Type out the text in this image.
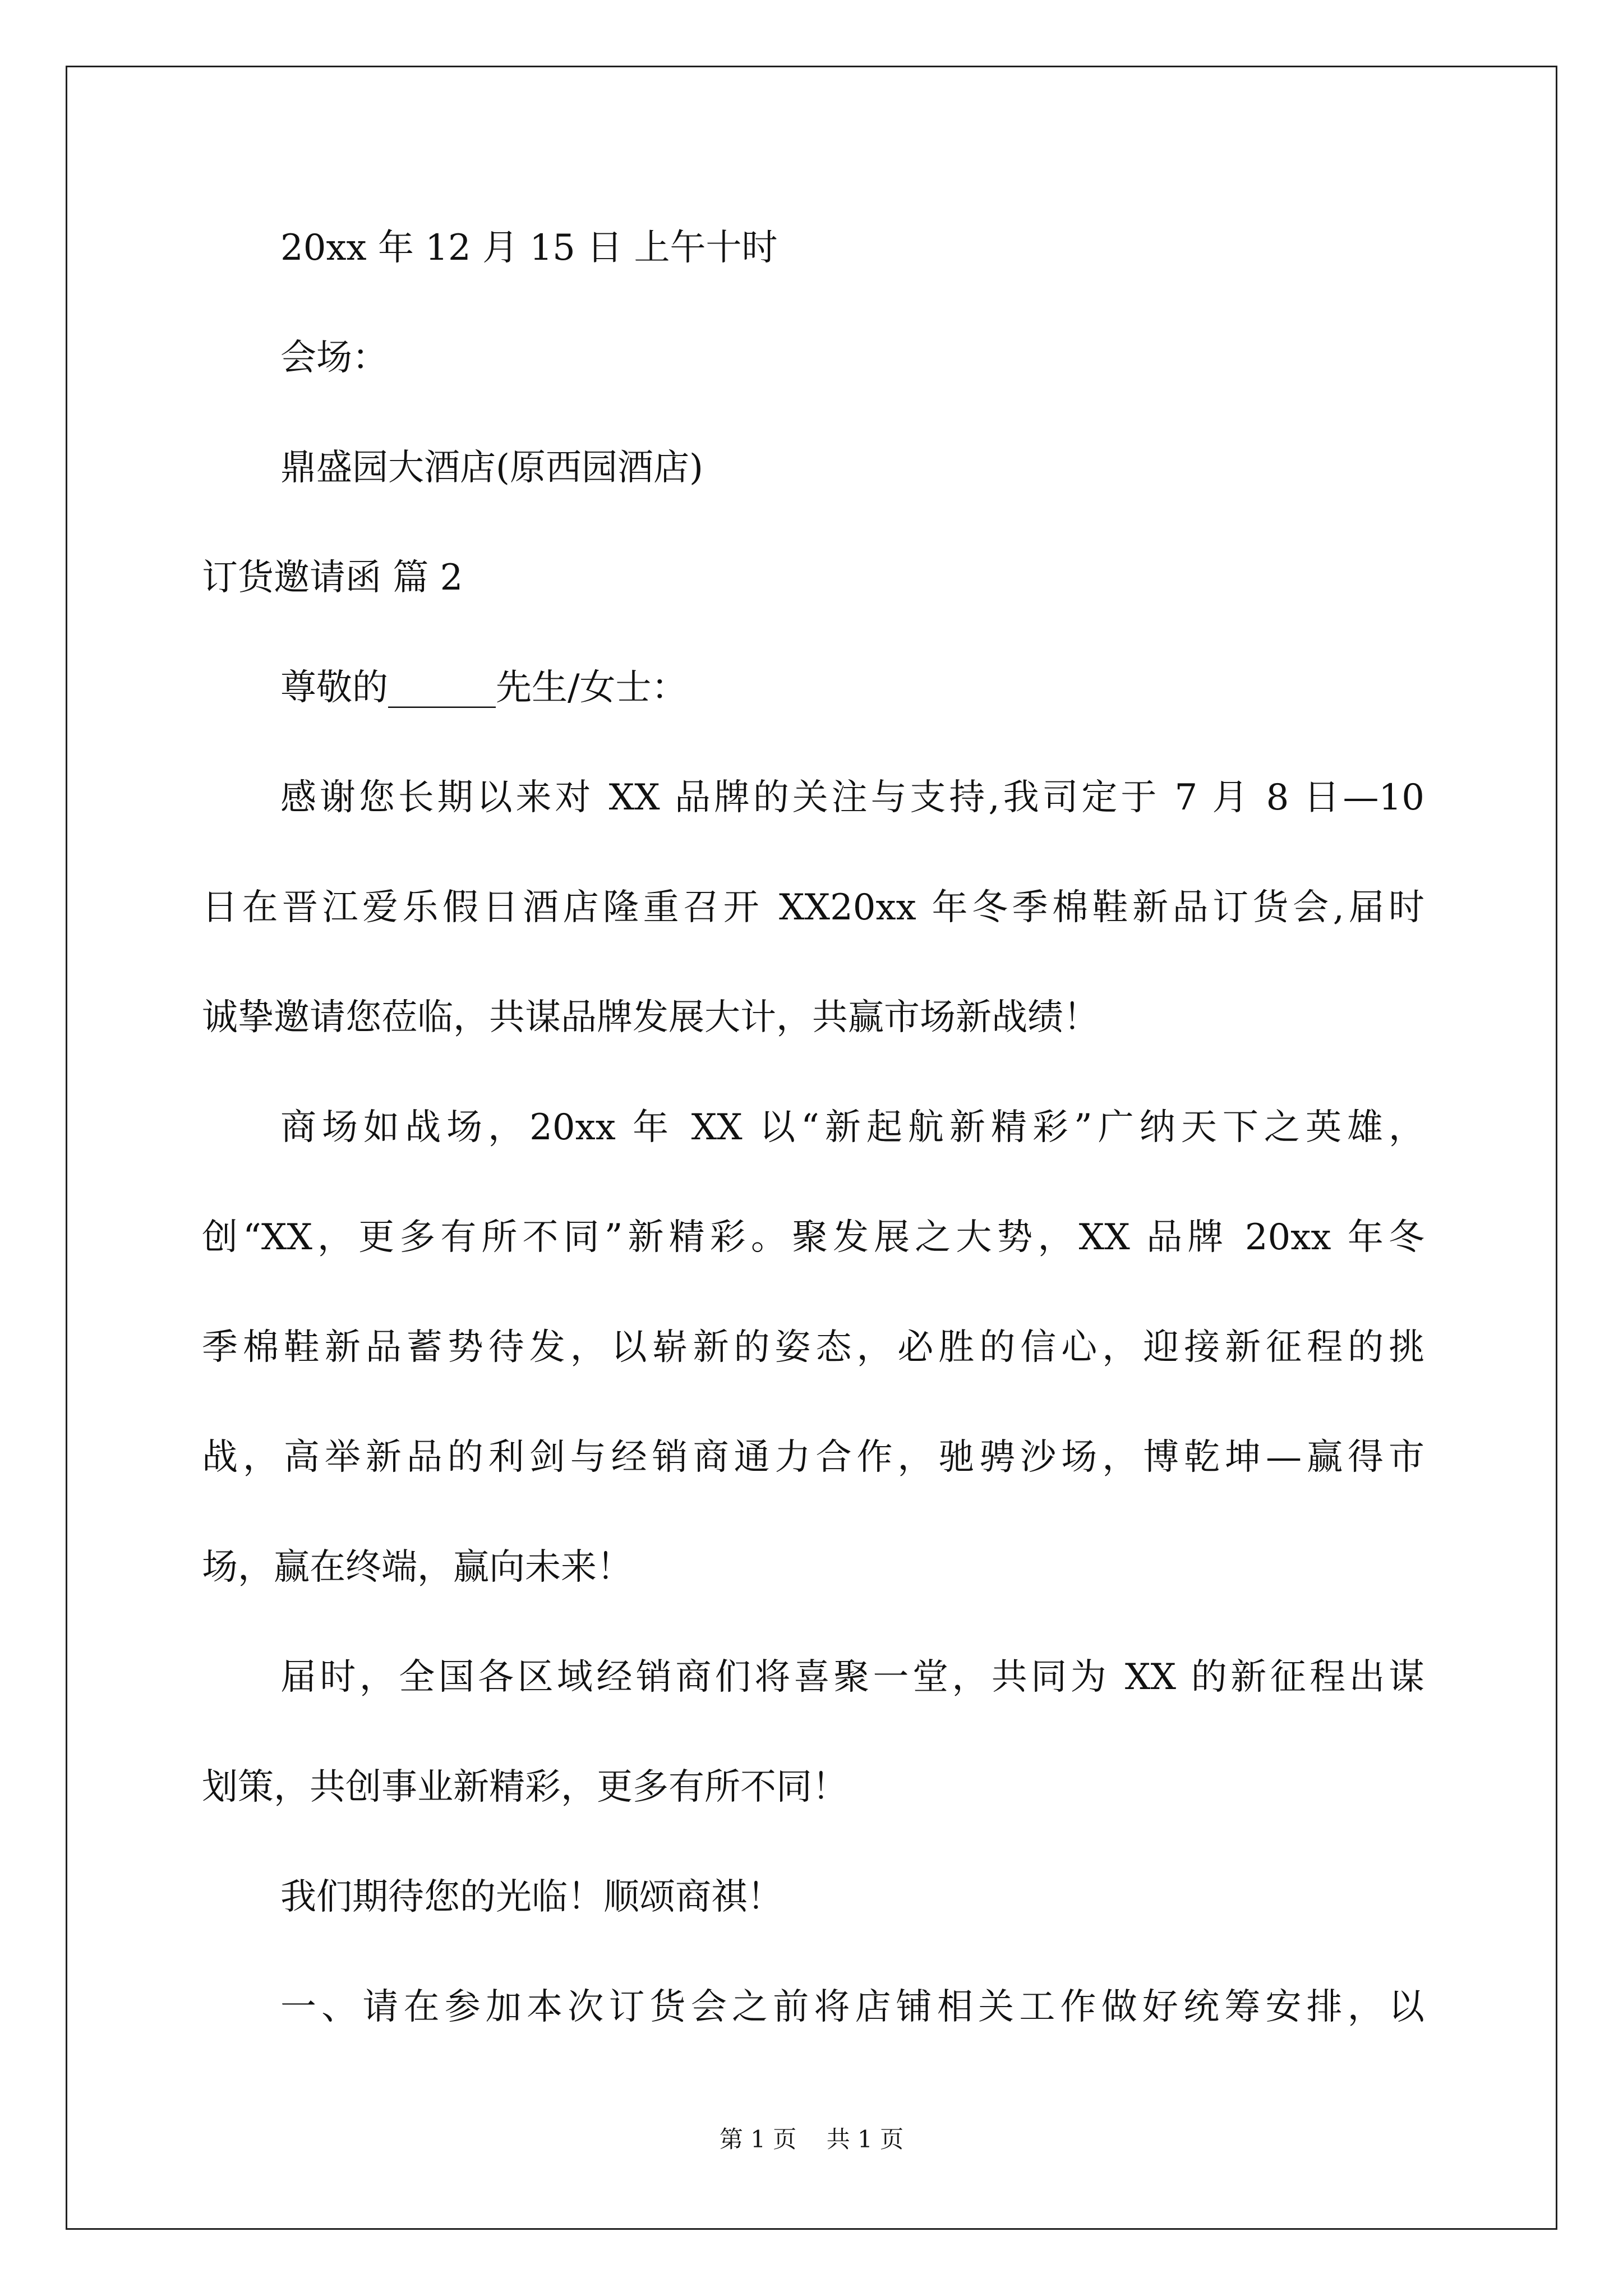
20xx 年 12 月 15 日 上午十时
会场：
鼎盛园大酒店(原西园酒店)
订货邀请函 篇 2
尊敬的______先生/女士：
感谢您长期以来对 XX 品牌的关注与支持,我司定于 7 月 8 日—10
日在晋江爱乐假日酒店隆重召开 XX20xx 年冬季棉鞋新品订货会,届时
诚挚邀请您莅临，共谋品牌发展大计，共赢市场新战绩！
商场如战场，20xx 年 XX 以“新起航新精彩”广纳天下之英雄，
创“XX，更多有所不同”新精彩。聚发展之大势，XX 品牌 20xx 年冬
季棉鞋新品蓄势待发，以崭新的姿态，必胜的信心，迎接新征程的挑
战，高举新品的利剑与经销商通力合作，驰骋沙场，博乾坤—赢得市
场，赢在终端，赢向未来！
届时，全国各区域经销商们将喜聚一堂，共同为 XX 的新征程出谋
划策，共创事业新精彩，更多有所不同！
我们期待您的光临！顺颂商祺！
一、请在参加本次订货会之前将店铺相关工作做好统筹安排，以
第 1 页    共 1 页
